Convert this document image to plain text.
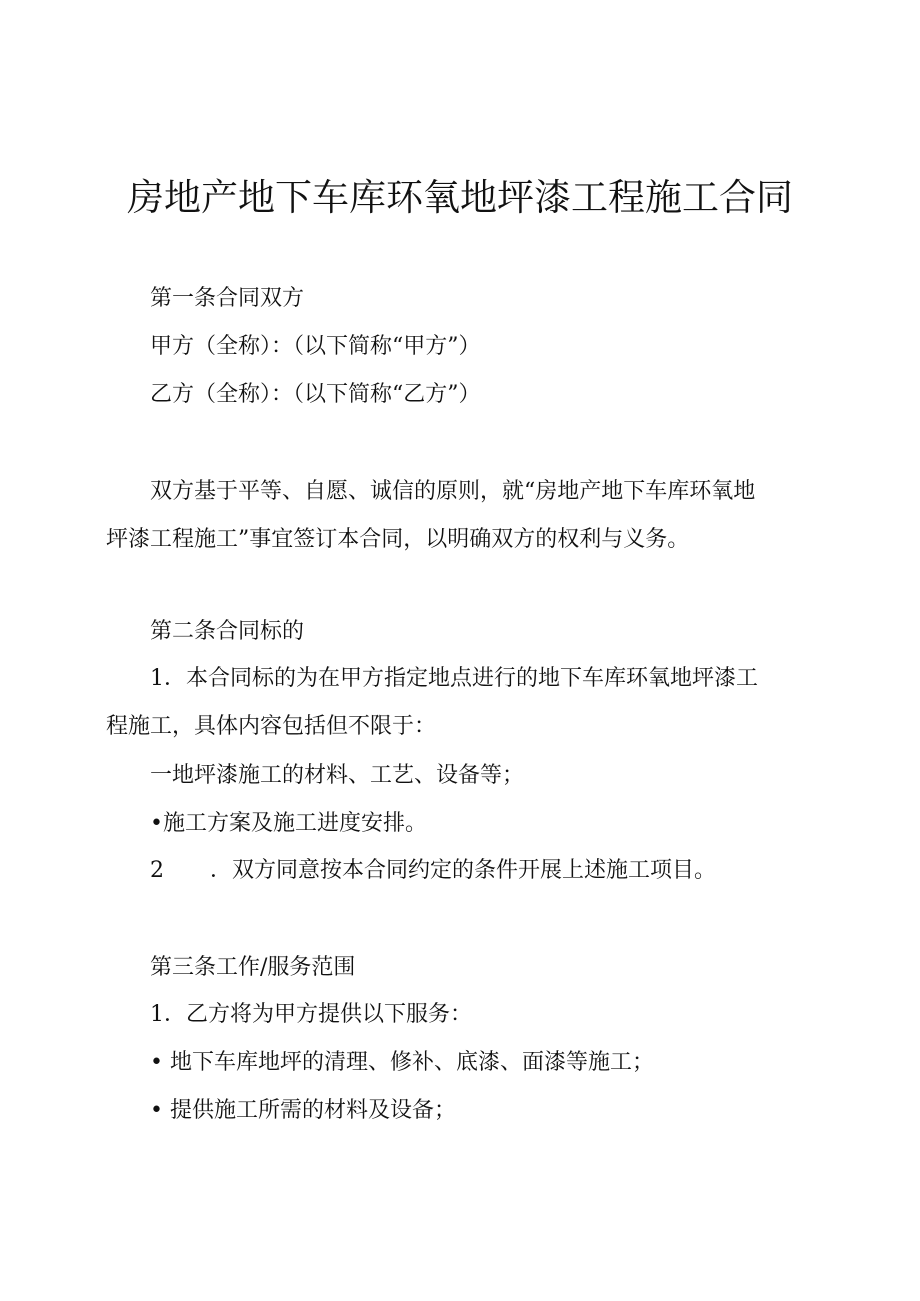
房地产地下车库环氧地坪漆工程施工合同

第一条合同双方

甲方（全称）：（以下简称“甲方”）

乙方（全称）：（以下简称“乙方”）

双方基于平等、自愿、诚信的原则，就“房地产地下车库环氧地

坪漆工程施工”事宜签订本合同，以明确双方的权利与义务。

第二条合同标的

1．本合同标的为在甲方指定地点进行的地下车库环氧地坪漆工

程施工，具体内容包括但不限于：

一地坪漆施工的材料、工艺、设备等；

•施工方案及施工进度安排。

2 ．双方同意按本合同约定的条件开展上述施工项目。

第三条工作/服务范围

1．乙方将为甲方提供以下服务：

• 地下车库地坪的清理、修补、底漆、面漆等施工；

• 提供施工所需的材料及设备；
